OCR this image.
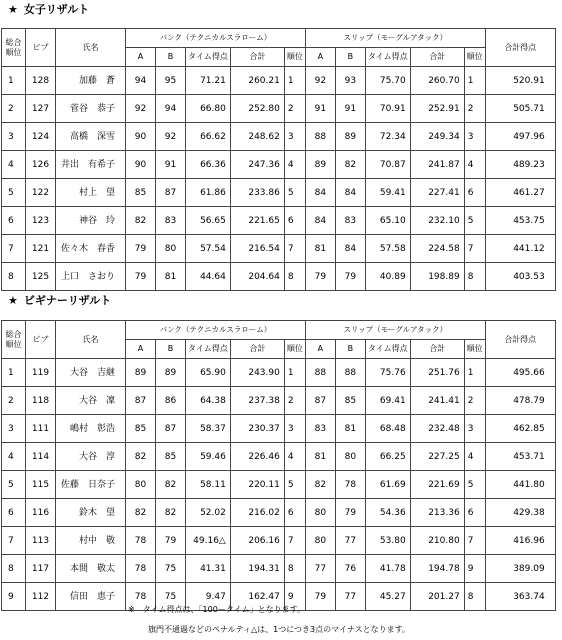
★ 女子リザルト
総合
順位	ビブ	氏名	バンク（テクニカルスラローム）					スリップ（モーグルアタック）					合計得点
			A	B	タイム得点	合計	順位	A	B	タイム得点	合計	順位	
1	128	加藤　蒼	94	95	71.21	260.21	1	92	93	75.70	260.70	1	520.91
2	127	菅谷　恭子	92	94	66.80	252.80	2	91	91	70.91	252.91	2	505.71
3	124	高橋　深雪	90	92	66.62	248.62	3	88	89	72.34	249.34	3	497.96
4	126	井出　有希子	90	91	66.36	247.36	4	89	82	70.87	241.87	4	489.23
5	122	村上　望	85	87	61.86	233.86	5	84	84	59.41	227.41	6	461.27
6	123	神谷　玲	82	83	56.65	221.65	6	84	83	65.10	232.10	5	453.75
7	121	佐々木　春香	79	80	57.54	216.54	7	81	84	57.58	224.58	7	441.12
8	125	上口　さおり	79	81	44.64	204.64	8	79	79	40.89	198.89	8	403.53
★ ビギナーリザルト
総合
順位	ビブ	氏名	バンク（テクニカルスラローム）					スリップ（モーグルアタック）					合計得点
			A	B	タイム得点	合計	順位	A	B	タイム得点	合計	順位	
1	119	大谷　吉継	89	89	65.90	243.90	1	88	88	75.76	251.76	1	495.66
2	118	大谷　凜	87	86	64.38	237.38	2	87	85	69.41	241.41	2	478.79
3	111	嶋村　彰浩	85	87	58.37	230.37	3	83	81	68.48	232.48	3	462.85
4	114	大谷　淳	82	85	59.46	226.46	4	81	80	66.25	227.25	4	453.71
5	115	佐藤　日奈子	80	82	58.11	220.11	5	82	78	61.69	221.69	5	441.80
6	116	鈴木　望	82	82	52.02	216.02	6	80	79	54.36	213.36	6	429.38
7	113	村中　敬	78	79	49.16△	206.16	7	80	77	53.80	210.80	7	416.96
8	117	本間　敬太	78	75	41.31	194.31	8	77	76	41.78	194.78	9	389.09
9	112	信田　恵子	78	75	9.47	162.47	9	79	77	45.27	201.27	8	363.74
※　タイム得点は、「100ータイム」となります。
旗門不通過などのペナルティ△は、1つにつき3点のマイナスとなります。
